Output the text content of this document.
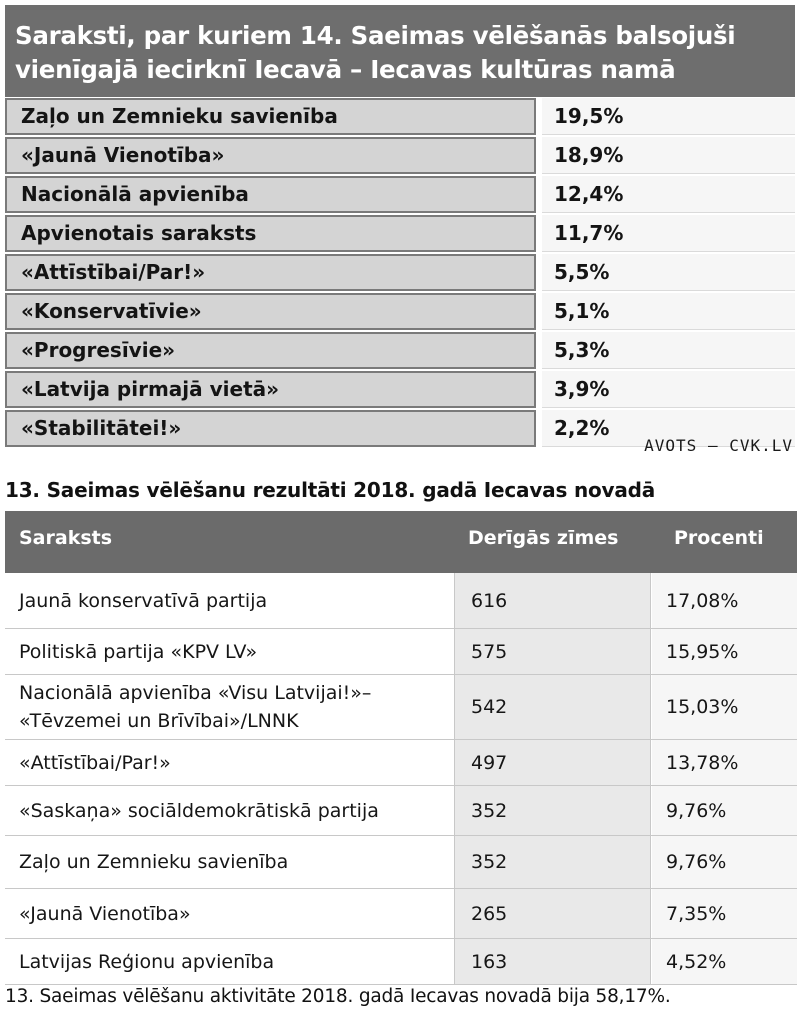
Saraksti, par kuriem 14. Saeimas vēlēšanās balsojuši
vienīgajā iecirknī Iecavā – Iecavas kultūras namā
Zaļo un Zemnieku savienība	19,5%
«Jaunā Vienotība»	18,9%
Nacionālā apvienība	12,4%
Apvienotais saraksts	11,7%
«Attīstībai/Par!»	5,5%
«Konservatīvie»	5,1%
«Progresīvie»	5,3%
«Latvija pirmajā vietā»	3,9%
«Stabilitātei!»	2,2%
AVOTS – CVK.LV
13. Saeimas vēlēšanu rezultāti 2018. gadā Iecavas novadā
Saraksts	Derīgās zīmes	Procenti
Jaunā konservatīvā partija	616	17,08%
Politiskā partija «KPV LV»	575	15,95%
Nacionālā apvienība «Visu Latvijai!»–
«Tēvzemei un Brīvībai»/LNNK
542	15,03%
«Attīstībai/Par!»	497	13,78%
«Saskaņa» sociāldemokrātiskā partija	352	9,76%
Zaļo un Zemnieku savienība	352	9,76%
«Jaunā Vienotība»	265	7,35%
Latvijas Reģionu apvienība	163	4,52%
13. Saeimas vēlēšanu aktivitāte 2018. gadā Iecavas novadā bija 58,17%.
